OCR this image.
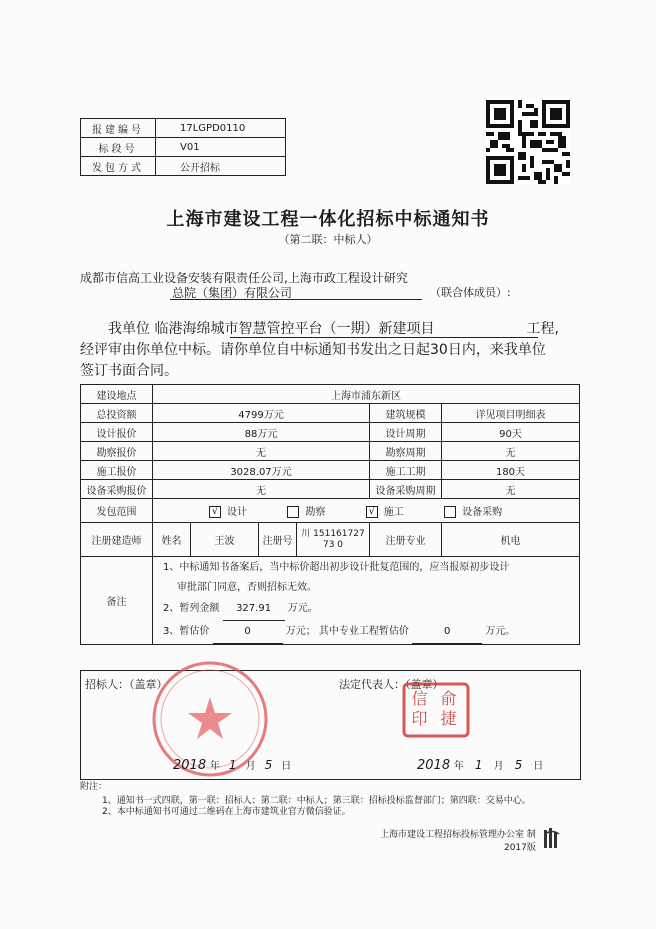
报建编号	17LGPD0110
标段号	V01
发包方式	公开招标
上海市建设工程一体化招标中标通知书
（第二联：中标人）
成都市信高工业设备安装有限责任公司,上海市政工程设计研究
总院（集团）有限公司	（联合体成员）:
我单位 临港海绵城市智慧管控平台（一期）新建项目	工程,
经评审由你单位中标。请你单位自中标通知书发出之日起30日内，来我单位
签订书面合同。
建设地点	上海市浦东新区					
总投资额	4799万元				建筑规模	详见项目明细表
设计报价	88万元				设计周期	90天
勘察报价	无				勘察周期	无
施工报价	3028.07万元				施工工期	180天
设备采购报价	无				设备采购周期	无
发包范围	√ 设计 勘察 √ 施工 设备采购					
注册建造师	姓名	王波	注册号	川 15116172773 0	注册专业	机电
备注	1、中标通知书备案后，当中标价超出初步设计批复范围的，应当报原初步设计
审批部门同意，否则招标无效。
2、暂列金额 327.91 万元。
3、暂估价 0 万元； 其中专业工程暂估价 0 万元。					
招标人：（盖章）	法定代表人：（盖章）
信 俞 印 捷
2018 年 1 月 5 日	2018 年 1 月 5 日
附注：
1、通知书一式四联，第一联：招标人；第二联：中标人；第三联：招标投标监督部门；第四联：交易中心。
2、本中标通知书可通过二维码在上海市建筑业官方微信验证。
上海市建设工程招标投标管理办公室 制
2017版
